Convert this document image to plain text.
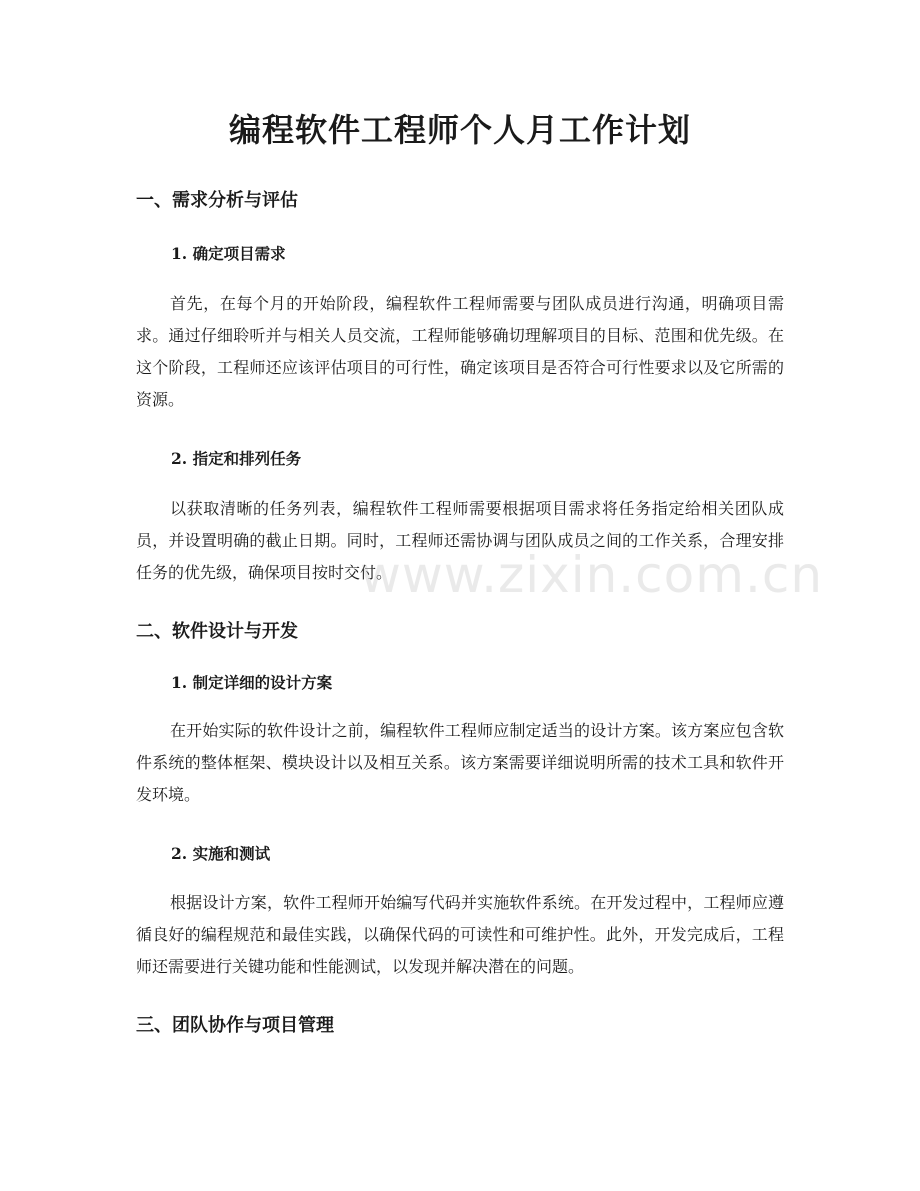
编程软件工程师个人月工作计划
一、需求分析与评估
1. 确定项目需求

首先，在每个月的开始阶段，编程软件工程师需要与团队成员进行沟通，明确项目需求。通过仔细聆听并与相关人员交流，工程师能够确切理解项目的目标、范围和优先级。在这个阶段，工程师还应该评估项目的可行性，确定该项目是否符合可行性要求以及它所需的资源。

2. 指定和排列任务

以获取清晰的任务列表，编程软件工程师需要根据项目需求将任务指定给相关团队成员，并设置明确的截止日期。同时，工程师还需协调与团队成员之间的工作关系，合理安排任务的优先级，确保项目按时交付。

www.zixin.com.cn
二、软件设计与开发
1. 制定详细的设计方案

在开始实际的软件设计之前，编程软件工程师应制定适当的设计方案。该方案应包含软件系统的整体框架、模块设计以及相互关系。该方案需要详细说明所需的技术工具和软件开发环境。

2. 实施和测试

根据设计方案，软件工程师开始编写代码并实施软件系统。在开发过程中，工程师应遵循良好的编程规范和最佳实践，以确保代码的可读性和可维护性。此外，开发完成后，工程师还需要进行关键功能和性能测试，以发现并解决潜在的问题。

三、团队协作与项目管理
